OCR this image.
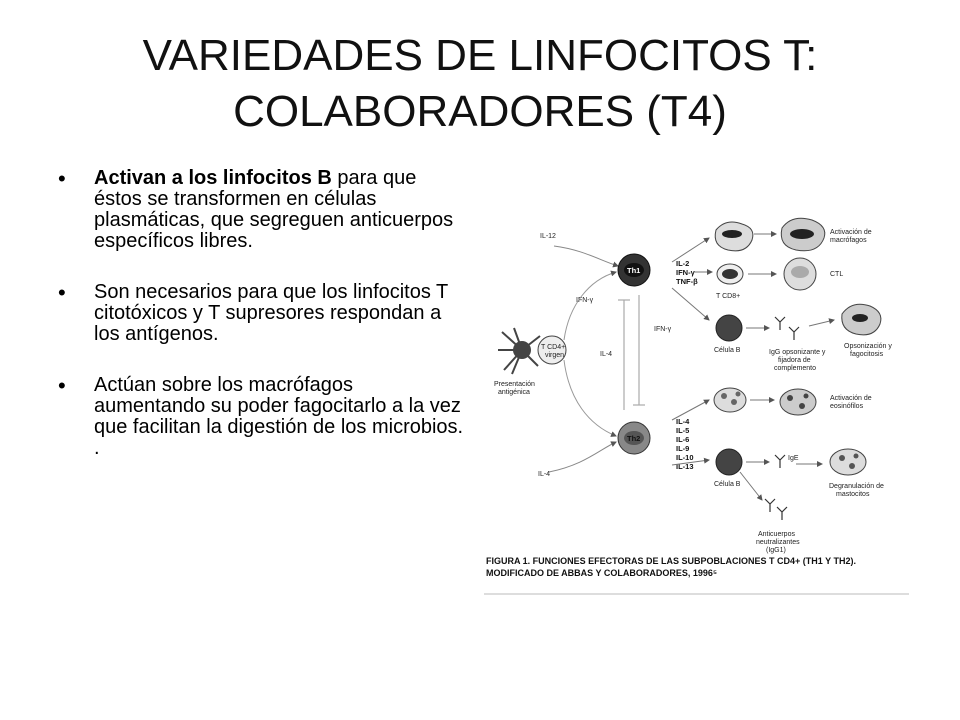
VARIEDADES DE LINFOCITOS T:
COLABORADORES (T4)
• Activan a los linfocitos B para que éstos se transformen en células plasmáticas, que segreguen anticuerpos específicos libres.
• Son necesarios para que los linfocitos T citotóxicos y T supresores respondan a los antígenos.
• Actúan sobre los macrófagos aumentando su poder fagocitarlo a la vez que facilitan la digestión de los microbios. .
IL-12
IL-4
IFN-γ
IL-4
IFN-γ
Presentación
antigénica
T CD4+
virgen
Th1
Th2
IL-2
IFN-γ
TNF-β
IL-4
IL-5
IL-6
IL-9
IL-10
IL-13
Activación de
macrófagos
T CD8+
CTL
Célula B	IgG opsonizante y
fijadora de
complemento
Opsonización y
fagocitosis
Activación de
eosinófilos
Célula B
IgE
Degranulación de
mastocitos
Anticuerpos
neutralizantes
(IgG1)
FIGURA 1. FUNCIONES EFECTORAS DE LAS SUBPOBLACIONES T CD4+ (TH1 Y TH2).
MODIFICADO DE ABBAS Y COLABORADORES, 1996⁵
